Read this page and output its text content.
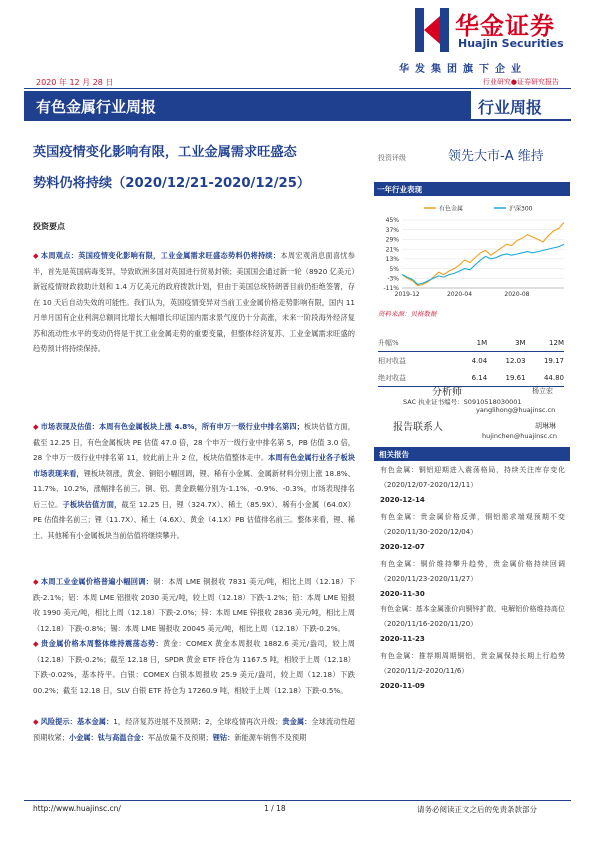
华金证券
Huajin Securities
华发集团旗下企业
2020 年 12 月 28 日	行业研究●证券研究报告
有色金属行业周报	行业周报
英国疫情变化影响有限，工业金属需求旺盛态
势料仍将持续（2020/12/21-2020/12/25）
投资要点
◆ 本周观点：英国疫情变化影响有限，工业金属需求旺盛态势料仍将持续：本周宏观消息面喜忧参半，首先是英国病毒变异，导致欧洲多国对英国进行贸易封锁；美国国会通过新一轮（8920 亿美元）新冠疫情财政救助计划和 1.4 万亿美元的政府拨款计划，但由于美国总统特朗普目前仍拒绝签署，存在 10 天后自动失效的可能性。我们认为，英国疫情变异对当前工业金属价格走势影响有限，国内 11 月单月国有企业利润总额同比增长大幅增长印证国内需求景气度仍十分高涨，未来一阶段海外经济复苏和流动性水平的变动仍将是干扰工业金属走势的重要变量，但整体经济复苏、工业金属需求旺盛的趋势预计将持续保持。
◆ 市场表现及估值：本周有色金属板块上涨 4.8%，所有申万一级行业中排名第四；板块估值方面，截至 12.25 日，有色金属板块 PE 估值 47.0 倍，28 个申万一级行业中排名第 5，PB 估值 3.0 倍，28 个申万一级行业中排名第 11，较此前上升 2 位，板块估值整体走中。本周有色金属行业各子板块市场表现来看，锂板块领涨，黄金、铜铝小幅回调，锂、稀有小金属、金属新材料分别上涨 18.8%、11.7%、10.2%，涨幅排名前三。铜、铝、黄金跌幅分别为-1.1%、-0.9%、-0.3%，市场表现排名后三位。子板块估值方面，截至 12.25 日，锂（324.7X）、稀土（85.9X）、稀有小金属（64.0X）PE 估值排名前三；锂（11.7X）、稀土（4.6X）、黄金（4.1X）PB 估值排名前三。整体来看，锂、稀土、其他稀有小金属板块当前估值将继续攀升。
◆ 本周工业金属价格普遍小幅回调：铜：本周 LME 铜报收 7831 美元/吨，相比上周（12.18）下跌-2.1%；铝：本周 LME 铝报收 2030 美元/吨，较上周（12.18）下跌-1.2%；铅：本周 LME 铅报收 1990 美元/吨，相比上周（12.18）下跌-2.0%；锌：本周 LME 锌报收 2836 美元/吨，相比上周（12.18）下跌-0.8%；锡：本周 LME 锡报收 20045 美元/吨，相比上周（12.18）下跌-0.2%。
◆ 贵金属价格本周整体维持震荡态势：黄金：COMEX 黄金本周报收 1882.6 美元/盎司，较上周（12.18）下跌-0.2%；截至 12.18 日，SPDR 黄金 ETF 持仓为 1167.5 吨，相较于上周（12.18）下跌-0.02%，基本持平。白银：COMEX 白银本周报收 25.9 美元/盎司，较上周（12.18）下跌 00.2%；截至 12.18 日，SLV 白银 ETF 持仓为 17260.9 吨，相较于上周（12.18）下跌-0.5%。
◆ 风险提示：基本金属：1，经济复苏进展不及预期；2，全球疫情再次升级；贵金属：全球流动性超预期收紧；小金属：钛与高温合金：军品放量不及预期；锂钴：新能源车销售不及预期
投资评级	领先大市-A 维持
一年行业表现
45%
37%
29%
21%
13%
5%
-3%
-11%
2019-12	2020-04	2020-08
有色金属	沪深300
资料来源：贝格数据
升幅%	1M	3M	12M
相对收益	4.04	12.03	19.17
绝对收益	6.14	19.61	44.80
分析师	杨立宏
SAC 执业证书编号：S0910518030001
yanglihong@huajinsc.cn
报告联系人	胡琳琳
hujinchen@huajinsc.cn
相关报告
有色金属：铜铝迎期进入震荡格局，持续关注库存变化（2020/12/07-2020/12/11）
2020-12-14
有色金属：贵金属价格反弹，铜铝需求端观预期不变（2020/11/30-2020/12/04）
2020-12-07
有色金属：铜价维持攀升趋势，贵金属价格持续回调（2020/11/23-2020/11/27）
2020-11-30
有色金属：基本金属涨价向铜锌扩散，电解铝价格维持高位（2020/11/16-2020/11/20）
2020-11-23
有色金属：推荐期周期铜铝，贵金属保持长期上行趋势（2020/11/2-2020/11/6）
2020-11-09
http://www.huajinsc.cn/	1 / 18	请务必阅读正文之后的免责条款部分
